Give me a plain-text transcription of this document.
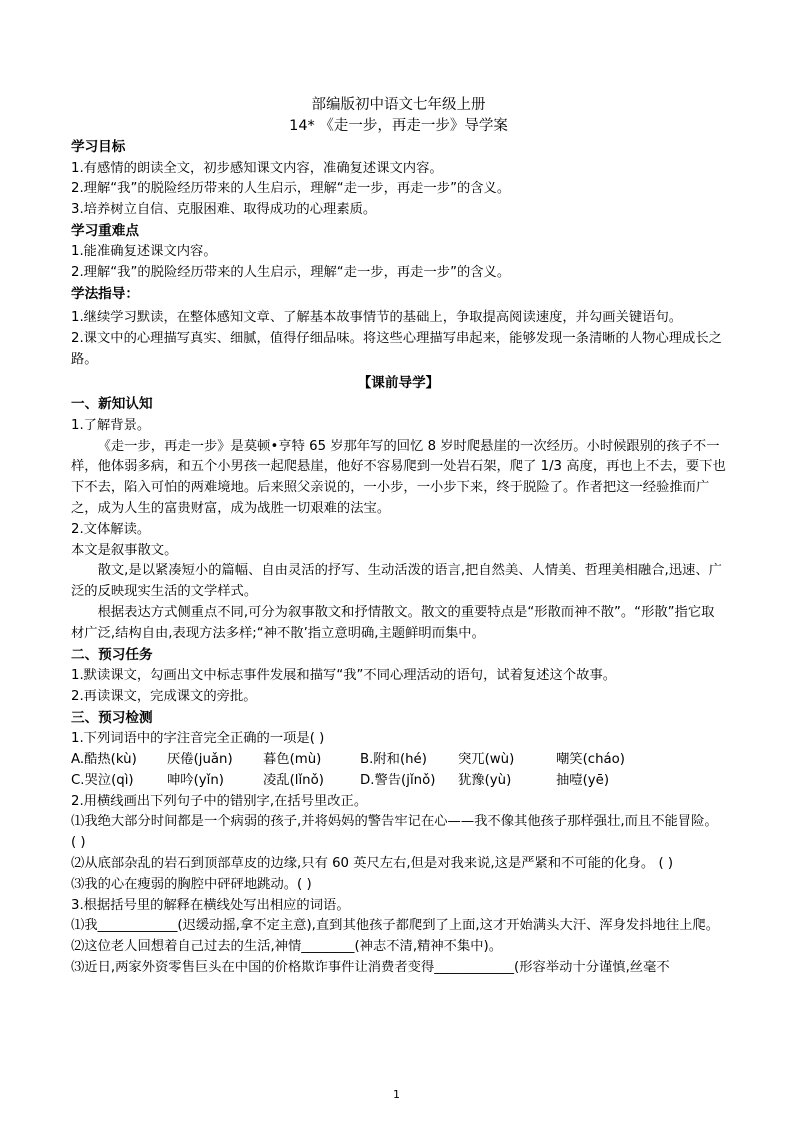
部编版初中语文七年级上册

14* 《走一步，再走一步》导学案

学习目标

1.有感情的朗读全文，初步感知课文内容，准确复述课文内容。

2.理解“我”的脱险经历带来的人生启示，理解“走一步，再走一步”的含义。

3.培养树立自信、克服困难、取得成功的心理素质。

学习重难点

1.能准确复述课文内容。

2.理解“我”的脱险经历带来的人生启示，理解“走一步，再走一步”的含义。

学法指导：

1.继续学习默读，在整体感知文章、了解基本故事情节的基础上，争取提高阅读速度，并勾画关键语句。

2.课文中的心理描写真实、细腻，值得仔细品味。将这些心理描写串起来，能够发现一条清晰的人物心理成长之路。

【课前导学】

一、新知认知

1.了解背景。

《走一步，再走一步》是莫顿•亨特 65 岁那年写的回忆 8 岁时爬悬崖的一次经历。小时候跟别的孩子不一样，他体弱多病，和五个小男孩一起爬悬崖，他好不容易爬到一处岩石架，爬了 1/3 高度，再也上不去，要下也下不去，陷入可怕的两难境地。后来照父亲说的，一小步，一小步下来，终于脱险了。作者把这一经验推而广之，成为人生的富贵财富，成为战胜一切艰难的法宝。

2.文体解读。

本文是叙事散文。

散文,是以紧凑短小的篇幅、自由灵活的抒写、生动活泼的语言,把自然美、人情美、哲理美相融合,迅速、广泛的反映现实生活的文学样式。

根据表达方式侧重点不同,可分为叙事散文和抒情散文。散文的重要特点是“形散而神不散”。“形散”指它取材广泛,结构自由,表现方法多样;“神不散’指立意明确,主题鲜明而集中。

二、预习任务

1.默读课文，勾画出文中标志事件发展和描写“我”不同心理活动的语句，试着复述这个故事。

2.再读课文，完成课文的旁批。

三、预习检测

1.下列词语中的字注音完全正确的一项是( )

A.酷热(kù)	厌倦(juǎn)	暮色(mù)	B.附和(hé)	突兀(wù)	嘲笑(cháo)
C.哭泣(qì)	呻吟(yǐn)	凌乱(lǐnǒ)	D.警告(jǐnǒ)	犹豫(yù)	抽噎(yē)

2.用横线画出下列句子中的错别字,在括号里改正。

⑴我绝大部分时间都是一个病弱的孩子,并将妈妈的警告牢记在心——我不像其他孩子那样强壮,而且不能冒险。 ( )

⑵从底部杂乱的岩石到顶部草皮的边缘,只有 60 英尺左右,但是对我来说,这是严紧和不可能的化身。 ( )

⑶我的心在瘦弱的胸腔中砰砰地跳动。( )

3.根据括号里的解释在横线处写出相应的词语。

⑴我____________(迟缓动摇,拿不定主意),直到其他孩子都爬到了上面,这才开始满头大汗、浑身发抖地往上爬。

⑵这位老人回想着自己过去的生活,神情________(神志不清,精神不集中)。

⑶近日,两家外资零售巨头在中国的价格欺诈事件让消费者变得____________(形容举动十分谨慎,丝毫不

1
